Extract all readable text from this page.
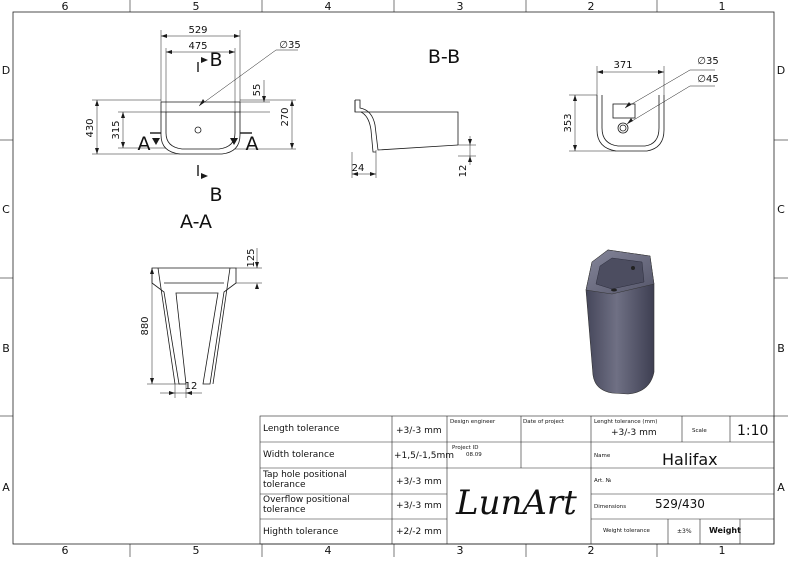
6	5	4	3	2	1
6	5	4	3	2	1
D
C
B
A
D
C
B
A
529
475	∅35
430 315
55
270
B
B
A	A
B-B
24	12
A-A
125
880
12
371	∅35
∅45
353
Length tolerance	+3/-3 mm
Width tolerance	+1,5/-1,5mm
Tap hole positional tolerance	+3/-3 mm
Overflow positional tolerance	+3/-3 mm
Highth tolerance	+2/-2 mm
Design engineer	Date of project
Project ID
08.09
LunArt
Lenght tolerance (mm)
+3/-3 mm	Scale 1:10
Name	Halifax
Art. №
Dimensions 529/430
Weight tolerance	±3% Weight
